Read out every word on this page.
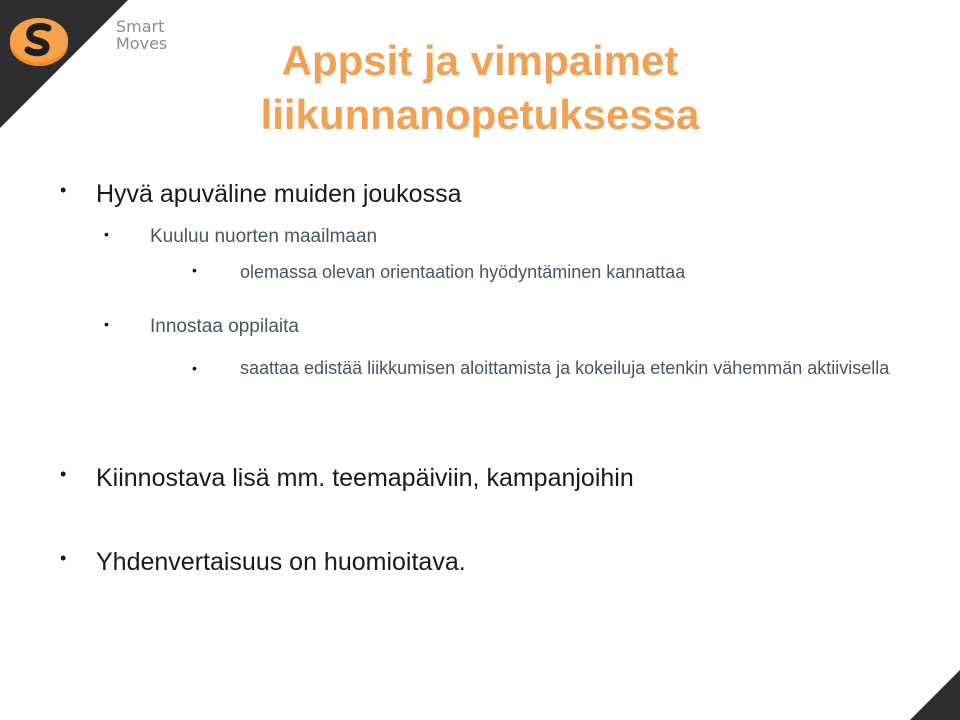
Smart
Moves	Appsit ja vimpaimet
liikunnanopetuksessa
• Hyvä apuväline muiden joukossa
• Kuuluu nuorten maailmaan
• olemassa olevan orientaation hyödyntäminen kannattaa
• Innostaa oppilaita
• saattaa edistää liikkumisen aloittamista ja kokeiluja etenkin vähemmän aktiivisella
• Kiinnostava lisä mm. teemapäiviin, kampanjoihin
• Yhdenvertaisuus on huomioitava.
